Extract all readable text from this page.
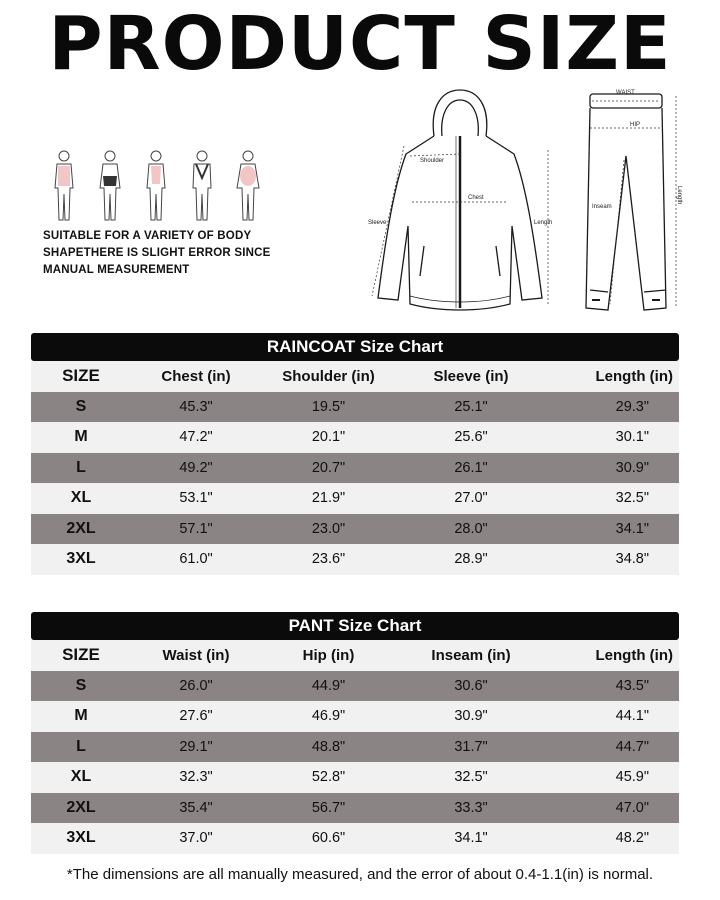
PRODUCT SIZE
SUITABLE FOR A VARIETY OF BODY SHAPETHERE IS SLIGHT ERROR SINCE MANUAL MEASUREMENT
Shoulder
Chest
Sleeve	Length
WAIST
HIP
Inseam
Length
RAINCOAT Size Chart
SIZE	Chest (in)	Shoulder (in)	Sleeve (in)	Length (in)
S	45.3"	19.5"	25.1"	29.3"
M	47.2"	20.1"	25.6"	30.1"
L	49.2"	20.7"	26.1"	30.9"
XL	53.1"	21.9"	27.0"	32.5"
2XL	57.1"	23.0"	28.0"	34.1"
3XL	61.0"	23.6"	28.9"	34.8"
PANT Size Chart
SIZE	Waist (in)	Hip (in)	Inseam (in)	Length (in)
S	26.0"	44.9"	30.6"	43.5"
M	27.6"	46.9"	30.9"	44.1"
L	29.1"	48.8"	31.7"	44.7"
XL	32.3"	52.8"	32.5"	45.9"
2XL	35.4"	56.7"	33.3"	47.0"
3XL	37.0"	60.6"	34.1"	48.2"
*The dimensions are all manually measured, and the error of about 0.4-1.1(in) is normal.
